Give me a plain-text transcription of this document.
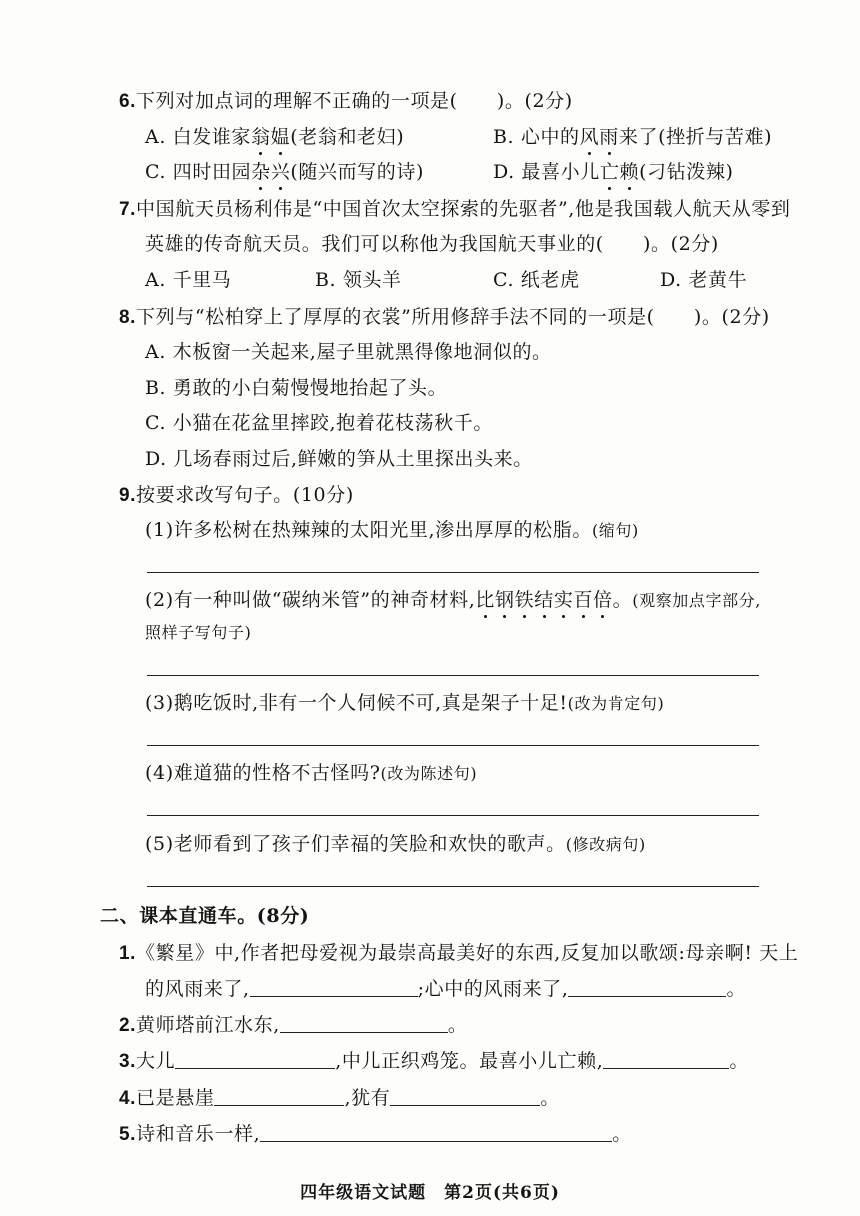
6.下列对加点词的理解不正确的一项是(　　)。(2分)
A. 白发谁家翁媪(老翁和老妇)	B. 心中的风雨来了(挫折与苦难)
C. 四时田园杂兴(随兴而写的诗)	D. 最喜小儿亡赖(刁钻泼辣)
7.中国航天员杨利伟是“中国首次太空探索的先驱者”,他是我国载人航天从零到
英雄的传奇航天员。我们可以称他为我国航天事业的(　　)。(2分)
A. 千里马	B. 领头羊	C. 纸老虎	D. 老黄牛
8.下列与“松柏穿上了厚厚的衣裳”所用修辞手法不同的一项是(　　)。(2分)
A. 木板窗一关起来,屋子里就黑得像地洞似的。
B. 勇敢的小白菊慢慢地抬起了头。
C. 小猫在花盆里摔跤,抱着花枝荡秋千。
D. 几场春雨过后,鲜嫩的笋从土里探出头来。
9.按要求改写句子。(10分)
(1)许多松树在热辣辣的太阳光里,渗出厚厚的松脂。(缩句)
(2)有一种叫做“碳纳米管”的神奇材料,比钢铁结实百倍。(观察加点字部分,
照样子写句子)
(3)鹅吃饭时,非有一个人伺候不可,真是架子十足!(改为肯定句)
(4)难道猫的性格不古怪吗?(改为陈述句)
(5)老师看到了孩子们幸福的笑脸和欢快的歌声。(修改病句)
二、课本直通车。(8分)
1.《繁星》中,作者把母爱视为最崇高最美好的东西,反复加以歌颂:母亲啊! 天上
的风雨来了,	;心中的风雨来了,	。
2.黄师塔前江水东,	。
3.大儿	,中儿正织鸡笼。最喜小儿亡赖,	。
4.已是悬崖	,犹有	。
5.诗和音乐一样,	。
四年级语文试题　第2页(共6页)
